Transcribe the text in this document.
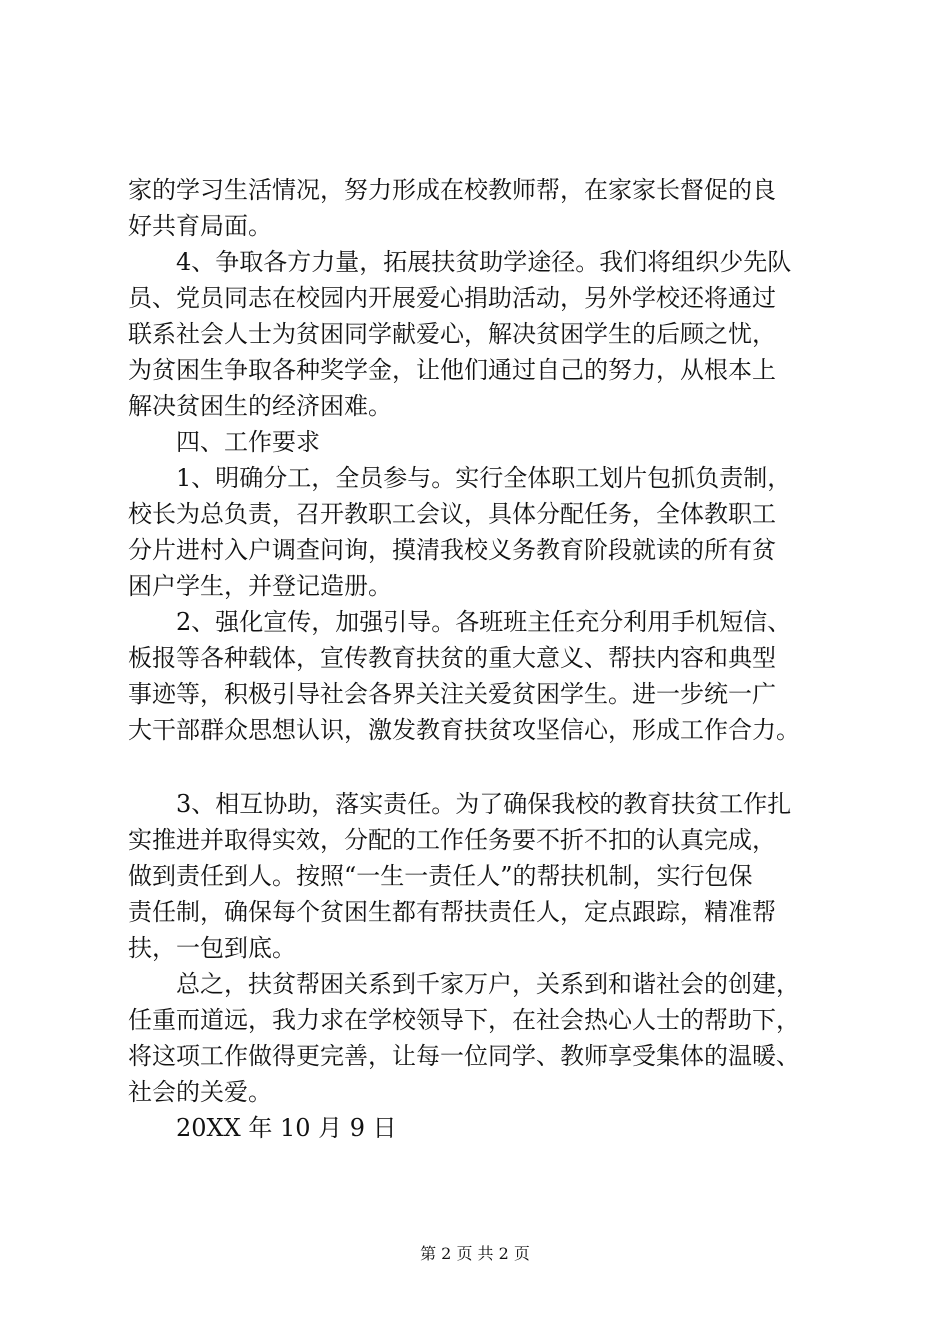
家的学习生活情况，努力形成在校教师帮，在家家长督促的良
好共育局面。
　　4、争取各方力量，拓展扶贫助学途径。我们将组织少先队
员、党员同志在校园内开展爱心捐助活动，另外学校还将通过
联系社会人士为贫困同学献爱心，解决贫困学生的后顾之忧，
为贫困生争取各种奖学金，让他们通过自己的努力，从根本上
解决贫困生的经济困难。
　　四、工作要求
　　1、明确分工，全员参与。实行全体职工划片包抓负责制，
校长为总负责，召开教职工会议，具体分配任务，全体教职工
分片进村入户调查问询，摸清我校义务教育阶段就读的所有贫
困户学生，并登记造册。
　　2、强化宣传，加强引导。各班班主任充分利用手机短信、
板报等各种载体，宣传教育扶贫的重大意义、帮扶内容和典型
事迹等，积极引导社会各界关注关爱贫困学生。进一步统一广
大干部群众思想认识，激发教育扶贫攻坚信心，形成工作合力。
　　3、相互协助，落实责任。为了确保我校的教育扶贫工作扎
实推进并取得实效，分配的工作任务要不折不扣的认真完成，
做到责任到人。按照“一生一责任人”的帮扶机制，实行包保
责任制，确保每个贫困生都有帮扶责任人，定点跟踪，精准帮
扶，一包到底。
　　总之，扶贫帮困关系到千家万户，关系到和谐社会的创建，
任重而道远，我力求在学校领导下，在社会热心人士的帮助下，
将这项工作做得更完善，让每一位同学、教师享受集体的温暖、
社会的关爱。
　　20XX 年 10 月 9 日
第 2 页 共 2 页
